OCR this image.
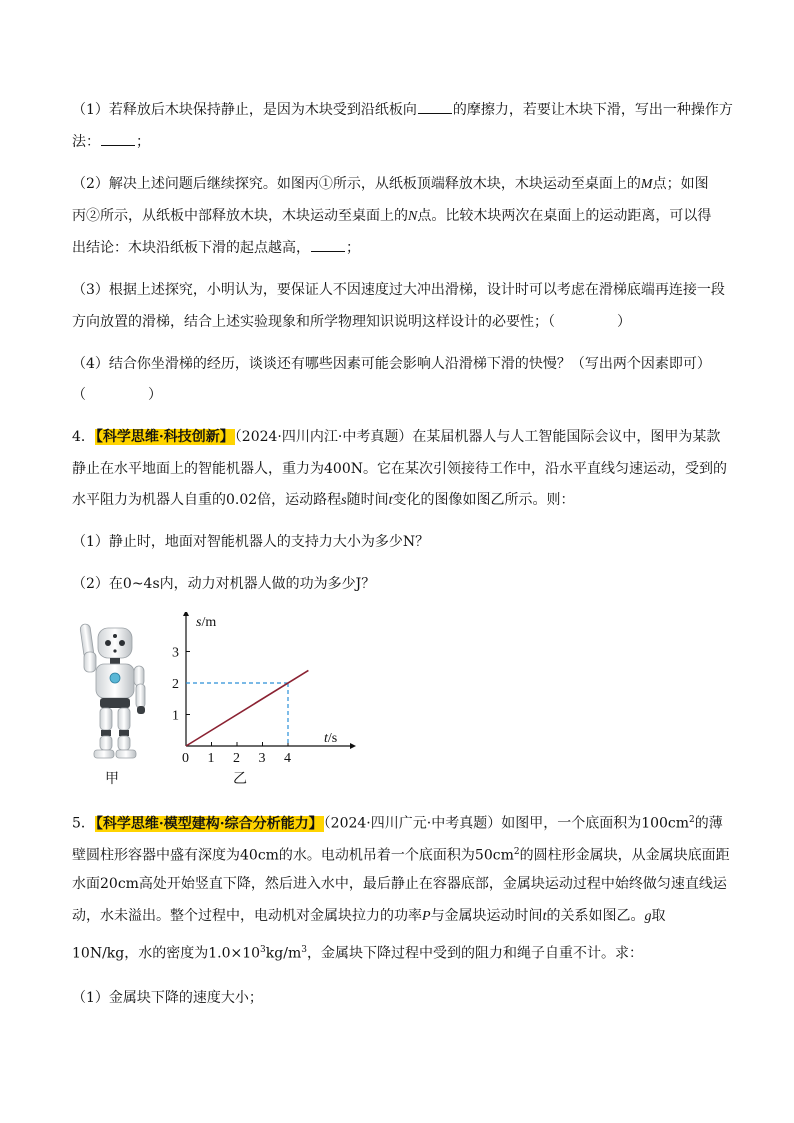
（1）若释放后木块保持静止，是因为木块受到沿纸板向	的摩擦力，若要让木块下滑，写出一种操作方
法：	；
（2）解决上述问题后继续探究。如图丙①所示，从纸板顶端释放木块，木块运动至桌面上的M点；如图
丙②所示，从纸板中部释放木块，木块运动至桌面上的N点。比较木块两次在桌面上的运动距离，可以得
出结论：木块沿纸板下滑的起点越高，	；
（3）根据上述探究，小明认为，要保证人不因速度过大冲出滑梯，设计时可以考虑在滑梯底端再连接一段
方向放置的滑梯，结合上述实验现象和所学物理知识说明这样设计的必要性；（	）
（4）结合你坐滑梯的经历，谈谈还有哪些因素可能会影响人沿滑梯下滑的快慢？（写出两个因素即可）
（	）
4．【科学思维·科技创新】（2024·四川内江·中考真题）在某届机器人与人工智能国际会议中，图甲为某款
静止在水平地面上的智能机器人，重力为400N。它在某次引领接待工作中，沿水平直线匀速运动，受到的
水平阻力为机器人自重的0.02倍，运动路程s随时间t变化的图像如图乙所示。则：
（1）静止时，地面对智能机器人的支持力大小为多少N？
（2）在0~4s内，动力对机器人做的功为多少J？
甲
0 1 2 3 4
1
2
3
s/m
t/s
乙
5．【科学思维·模型建构·综合分析能力】（2024·四川广元·中考真题）如图甲，一个底面积为$100cm^2$的薄
壁圆柱形容器中盛有深度为40cm的水。电动机吊着一个底面积为$50cm^2$的圆柱形金属块，从金属块底面距
水面20cm高处开始竖直下降，然后进入水中，最后静止在容器底部，金属块运动过程中始终做匀速直线运
动，水未溢出。整个过程中，电动机对金属块拉力的功率P与金属块运动时间t的关系如图乙。g取
10N/kg，水的密度为$1.0\times 10^3kg/m^3$，金属块下降过程中受到的阻力和绳子自重不计。求：
（1）金属块下降的速度大小；
